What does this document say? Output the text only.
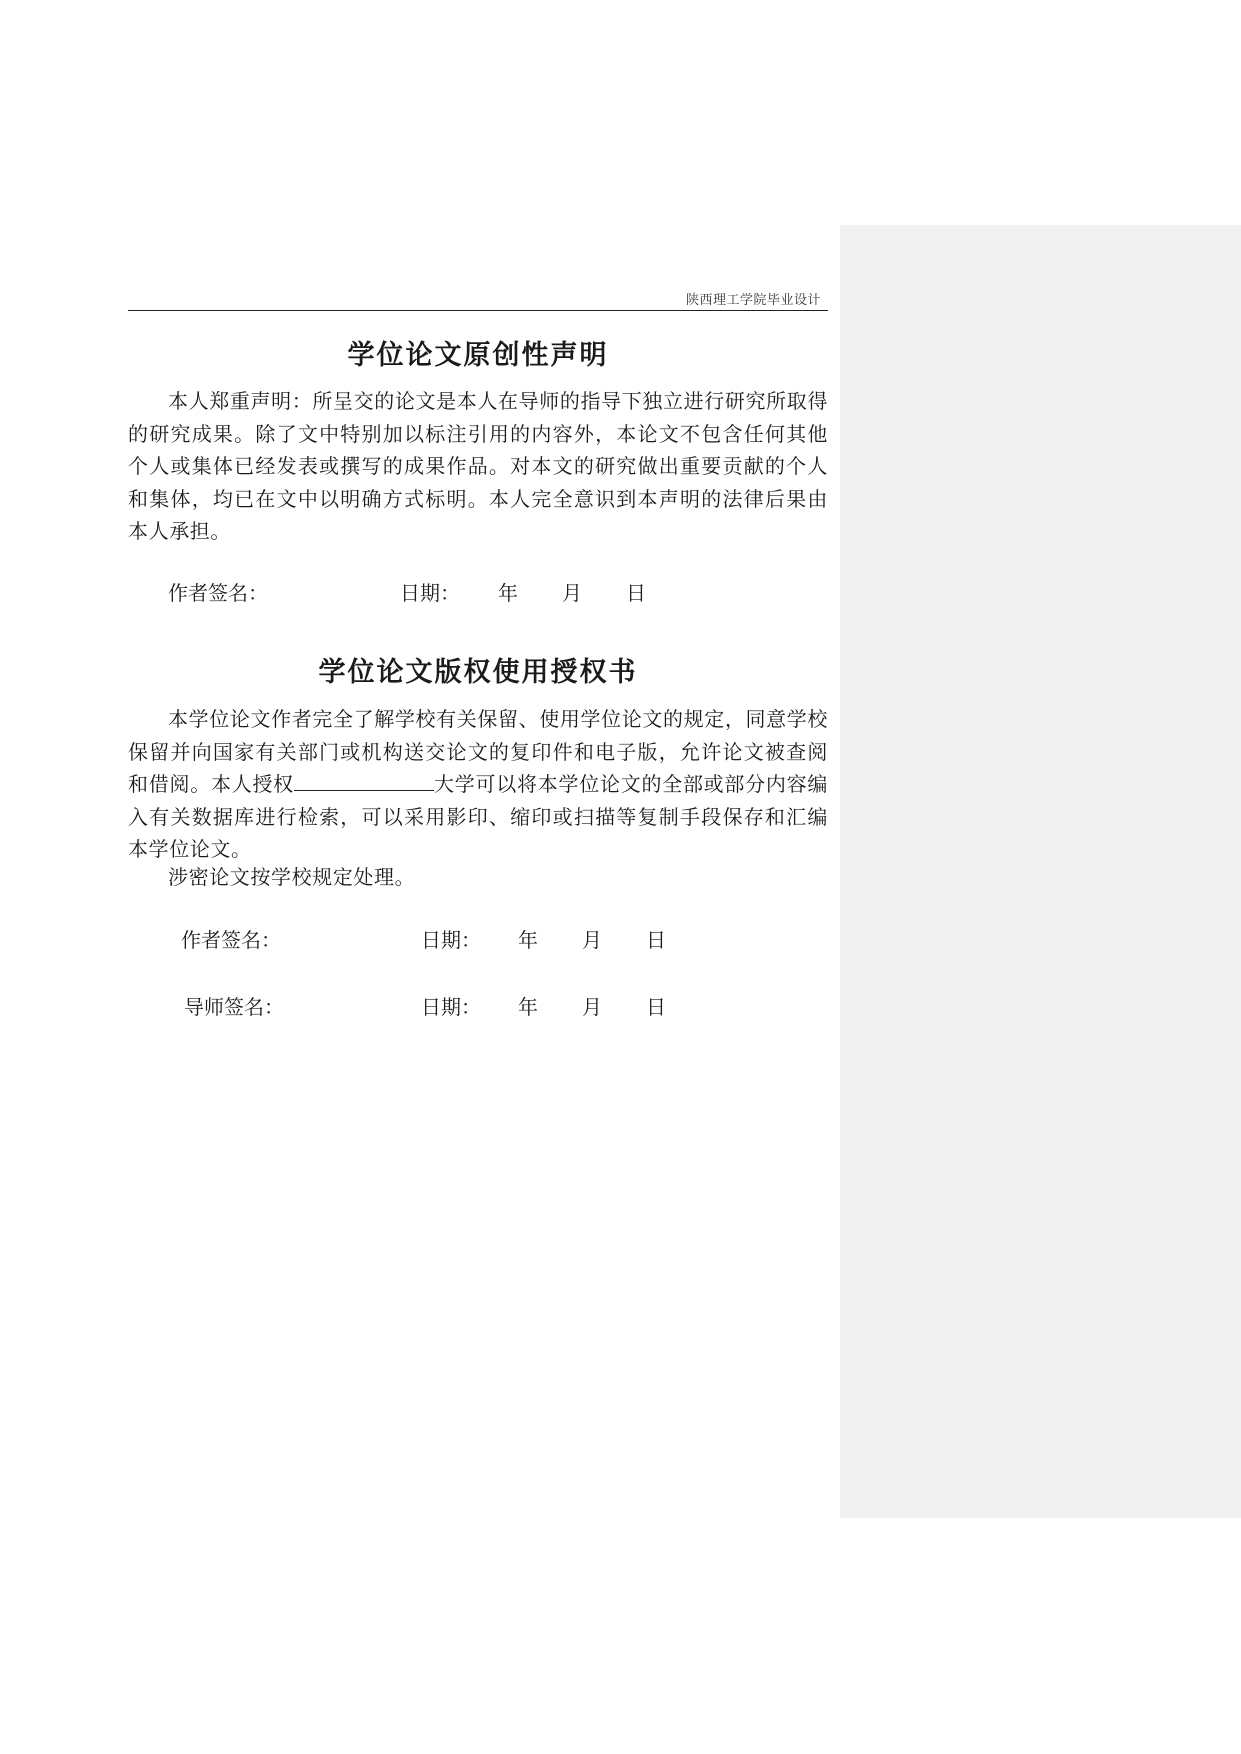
陕西理工学院毕业设计
学位论文原创性声明

本人郑重声明：所呈交的论文是本人在导师的指导下独立进行研究所取得的研究成果。除了文中特别加以标注引用的内容外，本论文不包含任何其他个人或集体已经发表或撰写的成果作品。对本文的研究做出重要贡献的个人和集体，均已在文中以明确方式标明。本人完全意识到本声明的法律后果由本人承担。

作者签名：	日期： 年 月 日
学位论文版权使用授权书

本学位论文作者完全了解学校有关保留、使用学位论文的规定，同意学校保留并向国家有关部门或机构送交论文的复印件和电子版，允许论文被查阅和借阅。本人授权	大学可以将本学位论文的全部或部分内容编入有关数据库进行检索，可以采用影印、缩印或扫描等复制手段保存和汇编本学位论文。

涉密论文按学校规定处理。

作者签名：	日期： 年 月 日
导师签名：	日期： 年 月 日
